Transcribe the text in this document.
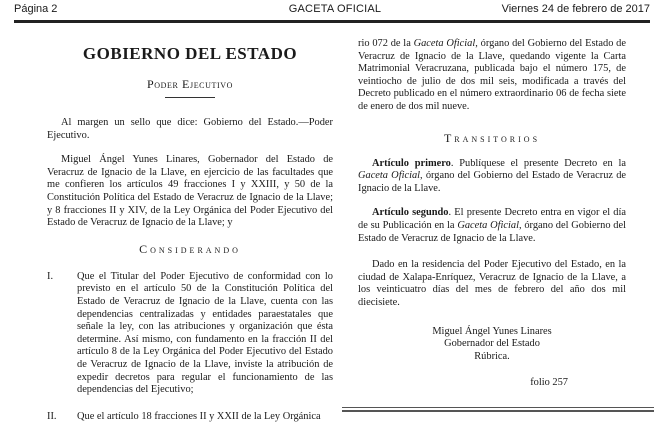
Página 2	GACETA OFICIAL	Viernes 24 de febrero de 2017
GOBIERNO DEL ESTADO
Poder Ejecutivo

Al margen un sello que dice: Gobierno del Estado.—Poder Ejecutivo.

Miguel Ángel Yunes Linares, Gobernador del Estado de Veracruz de Ignacio de la Llave, en ejercicio de las facultades que me confieren los artículos 49 fracciones I y XXIII, y 50 de la Constitución Política del Estado de Veracruz de Ignacio de la Llave; y 8 fracciones II y XIV, de la Ley Orgánica del Poder Ejecutivo del Estado de Veracruz de Ignacio de la Llave; y

Considerando
I. Que el Titular del Poder Ejecutivo de conformidad con lo previsto en el artículo 50 de la Constitución Política del Estado de Veracruz de Ignacio de la Llave, cuenta con las dependencias centralizadas y entidades paraestatales que señale la ley, con las atribuciones y organización que ésta determine. Así mismo, con fundamento en la fracción II del artículo 8 de la Ley Orgánica del Poder Ejecutivo del Estado de Veracruz de Ignacio de la Llave, inviste la atribución de expedir decretos para regular el funcionamiento de las dependencias del Ejecutivo;

II. Que el artículo 18 fracciones II y XXII de la Ley Orgánica

rio 072 de la Gaceta Oficial, órgano del Gobierno del Estado de Veracruz de Ignacio de la Llave, quedando vigente la Carta Matrimonial Veracruzana, publicada bajo el número 175, de veintiocho de julio de dos mil seis, modificada a través del Decreto publicado en el número extraordinario 06 de fecha siete de enero de dos mil nueve.

Transitorios

Artículo primero. Publíquese el presente Decreto en la Gaceta Oficial, órgano del Gobierno del Estado de Veracruz de Ignacio de la Llave.

Artículo segundo. El presente Decreto entra en vigor el día de su Publicación en la Gaceta Oficial, órgano del Gobierno del Estado de Veracruz de Ignacio de la Llave.

Dado en la residencia del Poder Ejecutivo del Estado, en la ciudad de Xalapa-Enríquez, Veracruz de Ignacio de la Llave, a los veinticuatro días del mes de febrero del año dos mil diecisiete.

Miguel Ángel Yunes Linares
Gobernador del Estado
Rúbrica.
folio 257
